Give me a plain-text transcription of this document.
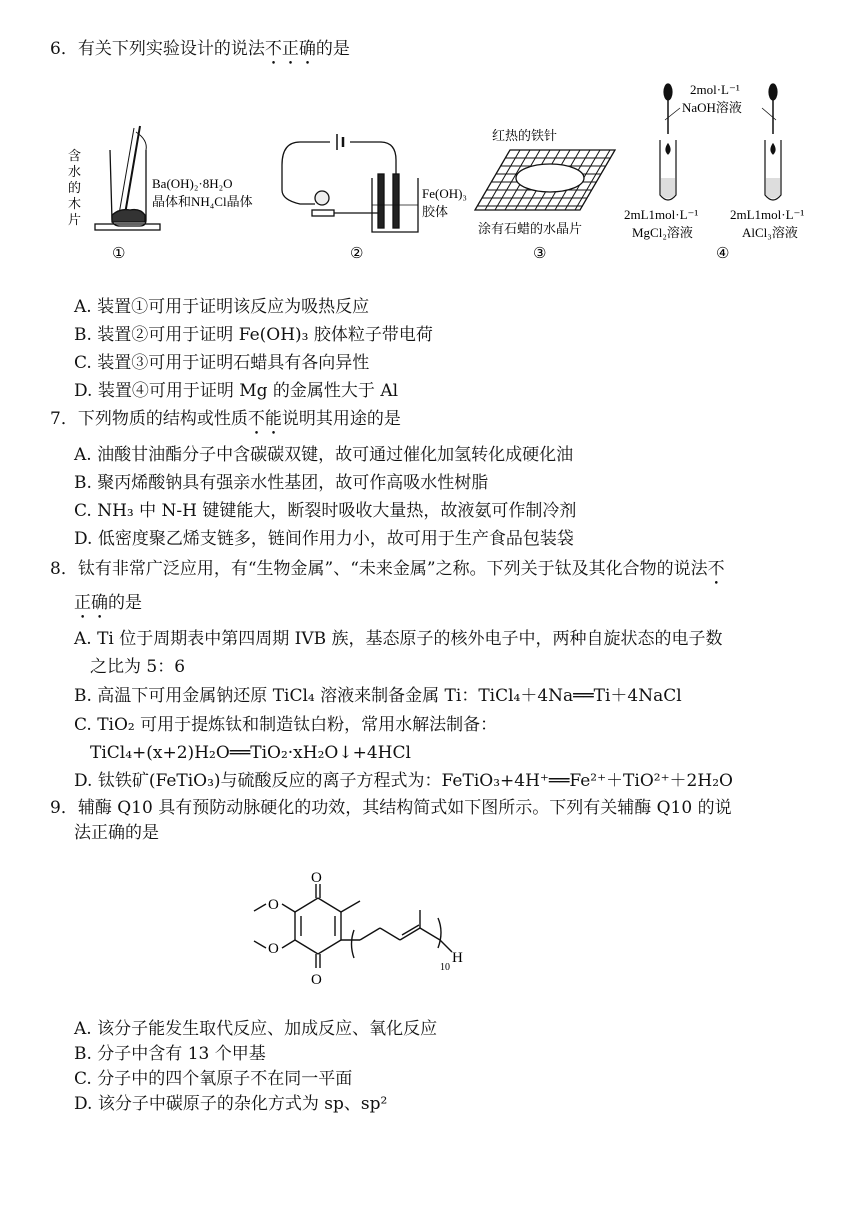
6．有关下列实验设计的说法不正确的是
含
水
的
木
片
Ba(OH)₂·8H₂O
晶体和NH₄Cl晶体
①
Fe(OH)₃
胶体
②
红热的铁针
涂有石蜡的水晶片
③
2mol·L⁻¹
NaOH溶液
2mL1mol·L⁻¹
MgCl₂溶液
2mL1mol·L⁻¹
AlCl₃溶液
④
A. 装置①可用于证明该反应为吸热反应
B. 装置②可用于证明 Fe(OH)₃ 胶体粒子带电荷
C. 装置③可用于证明石蜡具有各向异性
D. 装置④可用于证明 Mg 的金属性大于 Al
7．下列物质的结构或性质不能说明其用途的是
A. 油酸甘油酯分子中含碳碳双键，故可通过催化加氢转化成硬化油
B. 聚丙烯酸钠具有强亲水性基团，故可作高吸水性树脂
C. NH₃ 中 N-H 键键能大，断裂时吸收大量热，故液氨可作制冷剂
D. 低密度聚乙烯支链多，链间作用力小，故可用于生产食品包装袋
8．钛有非常广泛应用，有“生物金属”、“未来金属”之称。下列关于钛及其化合物的说法不
正确的是
A. Ti 位于周期表中第四周期 IVB 族，基态原子的核外电子中，两种自旋状态的电子数
之比为 5：6
B. 高温下可用金属钠还原 TiCl₄ 溶液来制备金属 Ti：TiCl₄＋4Na══Ti＋4NaCl
C. TiO₂ 可用于提炼钛和制造钛白粉，常用水解法制备：
TiCl₄+(x+2)H₂O══TiO₂·xH₂O↓+4HCl
D. 钛铁矿(FeTiO₃)与硫酸反应的离子方程式为：FeTiO₃+4H⁺══Fe²⁺＋TiO²⁺＋2H₂O
9．辅酶 Q10 具有预防动脉硬化的功效，其结构简式如下图所示。下列有关辅酶 Q10 的说
法正确的是
O
O
O
O
H
10
A. 该分子能发生取代反应、加成反应、氧化反应
B. 分子中含有 13 个甲基
C. 分子中的四个氧原子不在同一平面
D. 该分子中碳原子的杂化方式为 sp、sp²
